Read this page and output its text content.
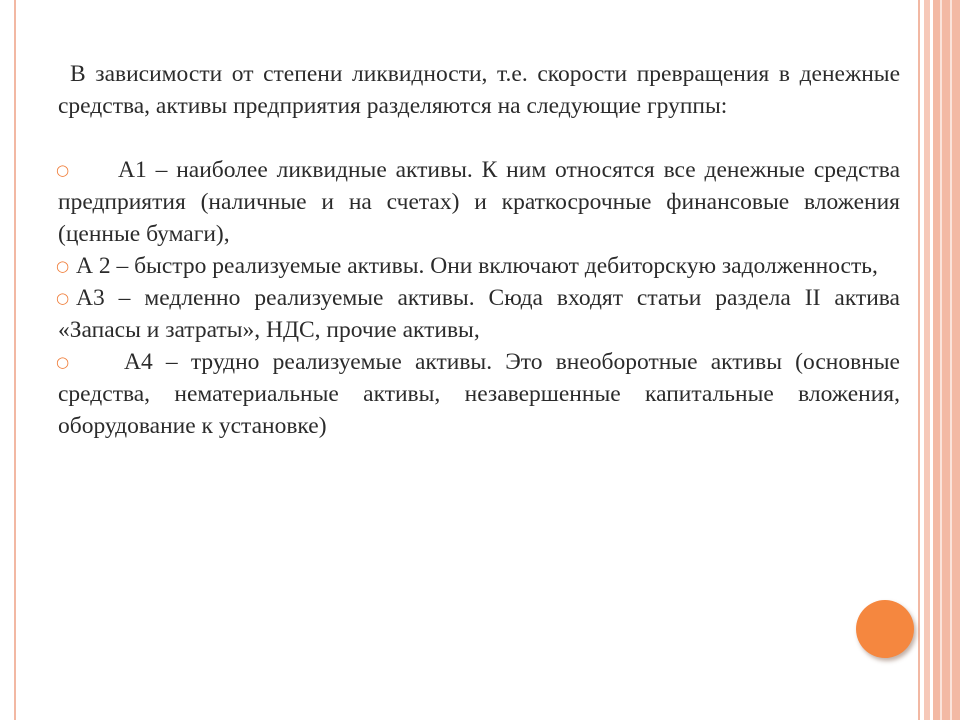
В зависимости от степени ликвидности, т.е. скорости превращения в денежные средства, активы предприятия разделяются на следующие группы:

○	А1 – наиболее ликвидные активы. К ним относятся все денежные средства предприятия (наличные и на счетах) и краткосрочные финансовые вложения (ценные бумаги),

○ А 2 – быстро реализуемые активы. Они включают дебиторскую задолженность,

○ А3 – медленно реализуемые активы. Сюда входят статьи раздела II актива «Запасы и затраты», НДС, прочие активы,

○	А4 – трудно реализуемые активы. Это внеоборотные активы (основные средства, нематериальные активы, незавершенные капитальные вложения, оборудование к установке)
